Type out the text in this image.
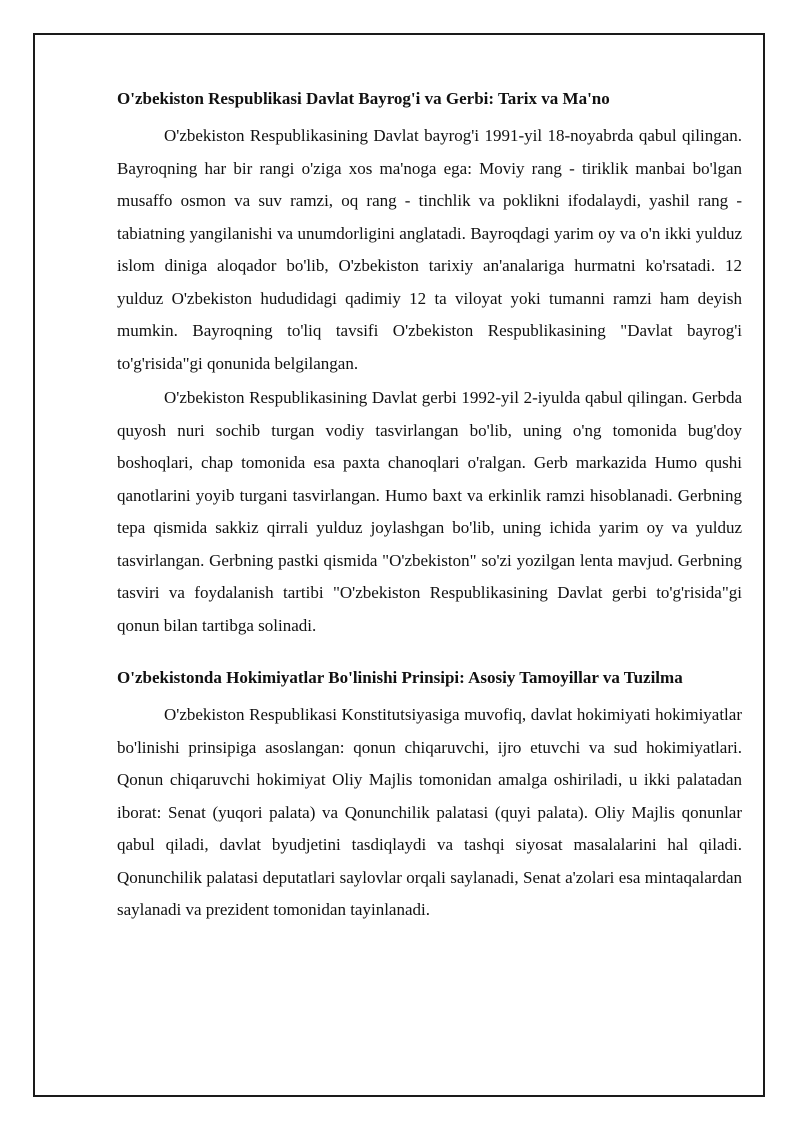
O'zbekiston Respublikasi Davlat Bayrog'i va Gerbi: Tarix va Ma'no

O'zbekiston Respublikasining Davlat bayrog'i 1991-yil 18-noyabrda qabul qilingan. Bayroqning har bir rangi o'ziga xos ma'noga ega: Moviy rang - tiriklik manbai bo'lgan musaffo osmon va suv ramzi, oq rang - tinchlik va poklikni ifodalaydi, yashil rang - tabiatning yangilanishi va unumdorligini anglatadi. Bayroqdagi yarim oy va o'n ikki yulduz islom diniga aloqador bo'lib, O'zbekiston tarixiy an'analariga hurmatni ko'rsatadi. 12 yulduz O'zbekiston hududidagi qadimiy 12 ta viloyat yoki tumanni ramzi ham deyish mumkin. Bayroqning to'liq tavsifi O'zbekiston Respublikasining "Davlat bayrog'i to'g'risida"gi qonunida belgilangan.

O'zbekiston Respublikasining Davlat gerbi 1992-yil 2-iyulda qabul qilingan. Gerbda quyosh nuri sochib turgan vodiy tasvirlangan bo'lib, uning o'ng tomonida bug'doy boshoqlari, chap tomonida esa paxta chanoqlari o'ralgan. Gerb markazida Humo qushi qanotlarini yoyib turgani tasvirlangan. Humo baxt va erkinlik ramzi hisoblanadi. Gerbning tepa qismida sakkiz qirrali yulduz joylashgan bo'lib, uning ichida yarim oy va yulduz tasvirlangan. Gerbning pastki qismida "O'zbekiston" so'zi yozilgan lenta mavjud. Gerbning tasviri va foydalanish tartibi "O'zbekiston Respublikasining Davlat gerbi to'g'risida"gi qonun bilan tartibga solinadi.

O'zbekistonda Hokimiyatlar Bo'linishi Prinsipi: Asosiy Tamoyillar va Tuzilma

O'zbekiston Respublikasi Konstitutsiyasiga muvofiq, davlat hokimiyati hokimiyatlar bo'linishi prinsipiga asoslangan: qonun chiqaruvchi, ijro etuvchi va sud hokimiyatlari. Qonun chiqaruvchi hokimiyat Oliy Majlis tomonidan amalga oshiriladi, u ikki palatadan iborat: Senat (yuqori palata) va Qonunchilik palatasi (quyi palata). Oliy Majlis qonunlar qabul qiladi, davlat byudjetini tasdiqlaydi va tashqi siyosat masalalarini hal qiladi. Qonunchilik palatasi deputatlari saylovlar orqali saylanadi, Senat a'zolari esa mintaqalardan saylanadi va prezident tomonidan tayinlanadi.
